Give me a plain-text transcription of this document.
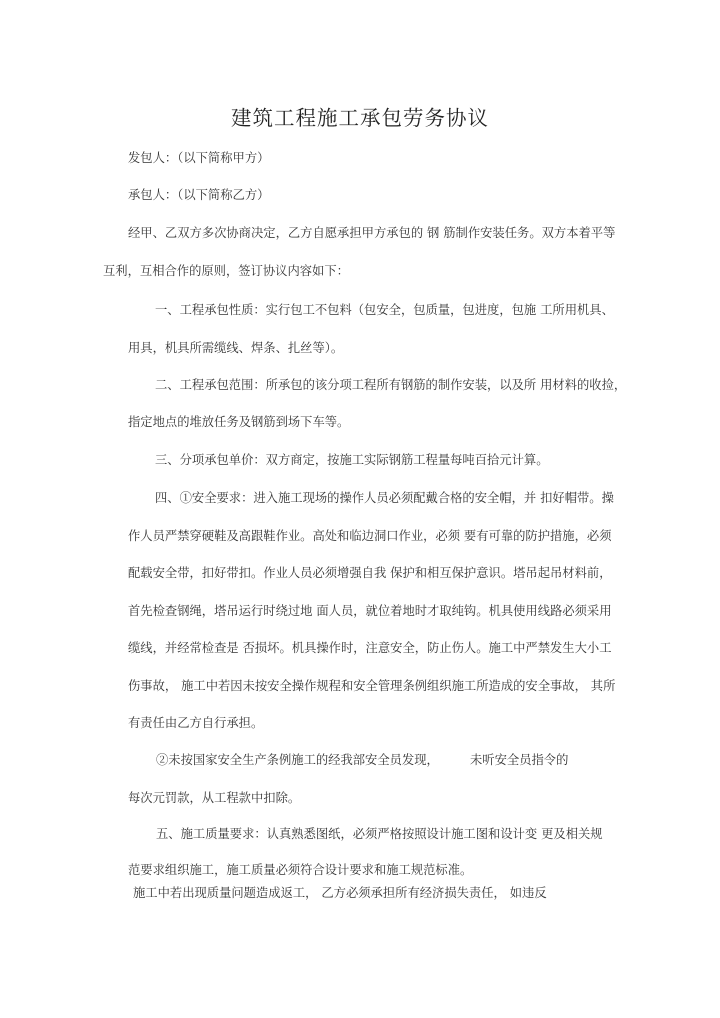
建筑工程施工承包劳务协议
发包人：（以下简称甲方）
承包人：（以下简称乙方）
经甲、乙双方多次协商决定，乙方自愿承担甲方承包的 钢 筋制作安装任务。双方本着平等
互利，互相合作的原则，签订协议内容如下：
一、工程承包性质：实行包工不包料（包安全，包质量，包进度，包施 工所用机具、
用具，机具所需缆线、焊条、扎丝等）。
二、工程承包范围：所承包的该分项工程所有钢筋的制作安装，以及所 用材料的收捡，
指定地点的堆放任务及钢筋到场下车等。
三、分项承包单价：双方商定，按施工实际钢筋工程量每吨百拾元计算。
四、①安全要求：进入施工现场的操作人员必须配戴合格的安全帽，并 扣好帽带。操
作人员严禁穿硬鞋及高跟鞋作业。高处和临边洞口作业，必须 要有可靠的防护措施，必须
配载安全带，扣好带扣。作业人员必须增强自我 保护和相互保护意识。塔吊起吊材料前，
首先检查钢绳，塔吊运行时绕过地 面人员，就位着地时才取纯钩。机具使用线路必须采用
缆线，并经常检查是 否损坏。机具操作时，注意安全，防止伤人。施工中严禁发生大小工
伤事故， 施工中若因未按安全操作规程和安全管理条例组织施工所造成的安全事故， 其所
有责任由乙方自行承担。
②未按国家安全生产条例施工的经我部安全员发现，	未听安全员指令的
每次元罚款，从工程款中扣除。
五、施工质量要求：认真熟悉图纸，必须严格按照设计施工图和设计变 更及相关规
范要求组织施工，施工质量必须符合设计要求和施工规范标准。
施工中若出现质量问题造成返工， 乙方必须承担所有经济损失责任， 如违反
